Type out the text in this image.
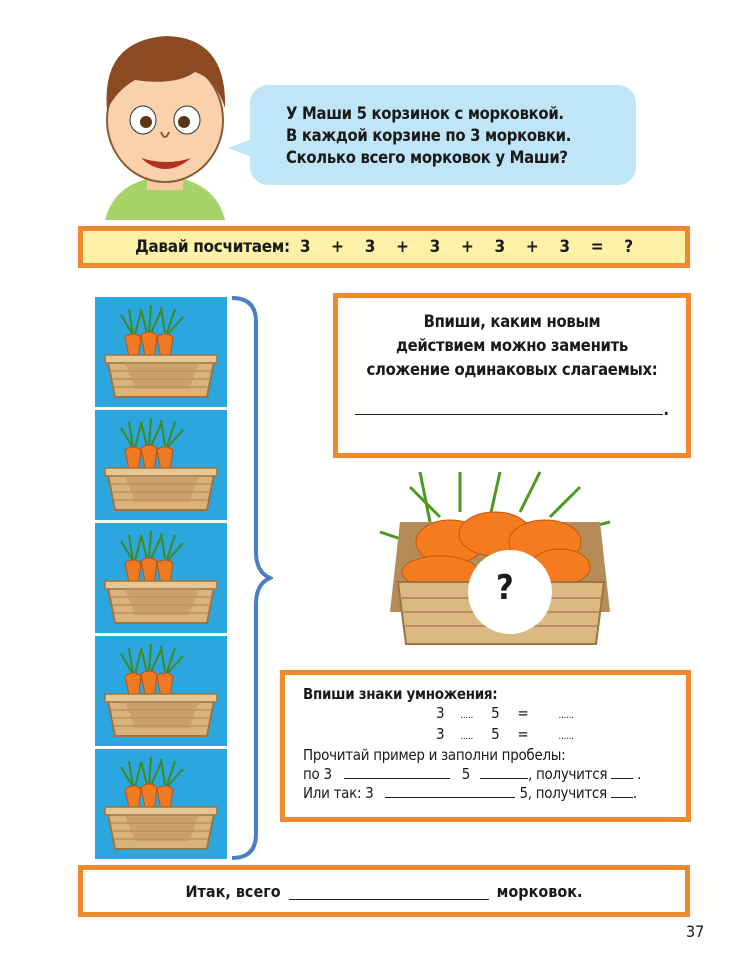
У Маши 5 корзинок с морковкой.
В каждой корзине по 3 морковки.
Сколько всего морковок у Маши?
Давай посчитаем: 3 + 3 + 3 + 3 + 3 = ?
Впиши, каким новым
действием можно заменить
сложение одинаковых слагаемых:
.
?
Впиши знаки умножения:
3 ..... 5 =	......
3 ..... 5 =	......
Прочитай пример и заполни пробелы:
по 3	5	, получится .
Или так: 3	5, получится .
Итак, всего	морковок.
37
